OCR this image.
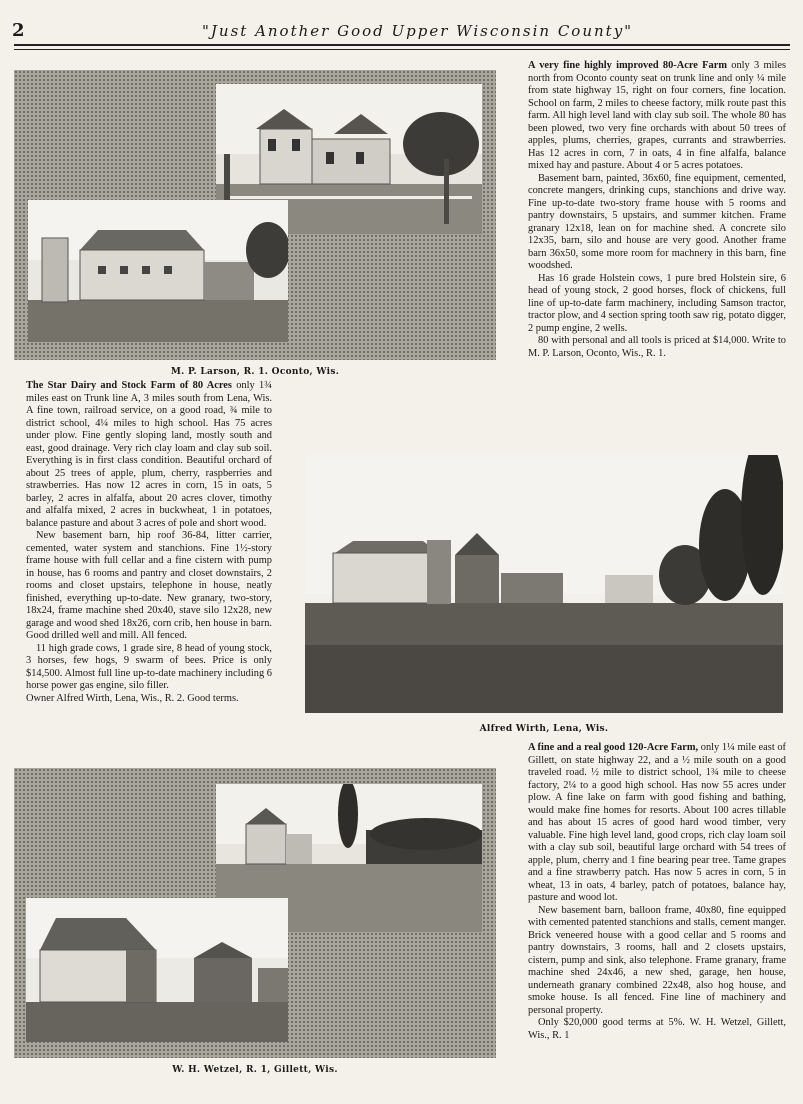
2	"Just Another Good Upper Wisconsin County"
M. P. Larson, R. 1. Oconto, Wis.

A very fine highly improved 80-Acre Farm only 3 miles north from Oconto county seat on trunk line and only ¼ mile from state highway 15, right on four corners, fine location. School on farm, 2 miles to cheese factory, milk route past this farm. All high level land with clay sub soil. The whole 80 has been plowed, two very fine orchards with about 50 trees of apples, plums, cherries, grapes, currants and strawberries. Has 12 acres in corn, 7 in oats, 4 in fine alfalfa, balance mixed hay and pasture. About 4 or 5 acres potatoes.

Basement barn, painted, 36x60, fine equipment, cemented, concrete mangers, drinking cups, stanchions and drive way. Fine up-to-date two-story frame house with 5 rooms and pantry downstairs, 5 upstairs, and summer kitchen. Frame granary 12x18, lean on for machine shed. A concrete silo 12x35, barn, silo and house are very good. Another frame barn 36x50, some more room for machnery in this barn, fine woodshed.

Has 16 grade Holstein cows, 1 pure bred Holstein sire, 6 head of young stock, 2 good horses, flock of chickens, full line of up-to-date farm machinery, including Samson tractor, tractor plow, and 4 section spring tooth saw rig, potato digger, 2 pump engine, 2 wells.

80 with personal and all tools is priced at $14,000. Write to M. P. Larson, Oconto, Wis., R. 1.

The Star Dairy and Stock Farm of 80 Acres only 1¾ miles east on Trunk line A, 3 miles south from Lena, Wis. A fine town, railroad service, on a good road, ¾ mile to district school, 4¼ miles to high school. Has 75 acres under plow. Fine gently sloping land, mostly south and east, good drainage. Very rich clay loam and clay sub soil. Everything is in first class condition. Beautiful orchard of about 25 trees of apple, plum, cherry, raspberries and strawberries. Has now 12 acres in corn, 15 in oats, 5 barley, 2 acres in alfalfa, about 20 acres clover, timothy and alfalfa mixed, 2 acres in buckwheat, 1 in potatoes, balance pasture and about 3 acres of pole and short wood.

New basement barn, hip roof 36-84, litter carrier, cemented, water system and stanchions. Fine 1½-story frame house with full cellar and a fine cistern with pump in house, has 6 rooms and pantry and closet downstairs, 2 rooms and closet upstairs, telephone in house, neatly finished, everything up-to-date. New granary, two-story, 18x24, frame machine shed 20x40, stave silo 12x28, new garage and wood shed 18x26, corn crib, hen house in barn. Good drilled well and mill. All fenced.

11 high grade cows, 1 grade sire, 8 head of young stock, 3 horses, few hogs, 9 swarm of bees. Price is only $14,500. Almost full line up-to-date machinery including 6 horse power gas engine, silo filler.

Owner Alfred Wirth, Lena, Wis., R. 2. Good terms.

Alfred Wirth, Lena, Wis.
W. H. Wetzel, R. 1, Gillett, Wis.

A fine and a real good 120-Acre Farm, only 1¼ mile east of Gillett, on state highway 22, and a ½ mile south on a good traveled road. ½ mile to district school, 1¾ mile to cheese factory, 2¼ to a good high school. Has now 55 acres under plow. A fine lake on farm with good fishing and bathing, would make fine homes for resorts. About 100 acres tillable and has about 15 acres of good hard wood timber, very valuable. Fine high level land, good crops, rich clay loam soil with a clay sub soil, beautiful large orchard with 54 trees of apple, plum, cherry and 1 fine bearing pear tree. Tame grapes and a fine strawberry patch. Has now 5 acres in corn, 5 in wheat, 13 in oats, 4 barley, patch of potatoes, balance hay, pasture and wood lot.

New basement barn, balloon frame, 40x80, fine equipped with cemented patented stanchions and stalls, cement manger. Brick veneered house with a good cellar and 5 rooms and pantry downstairs, 3 rooms, hall and 2 closets upstairs, cistern, pump and sink, also telephone. Frame granary, frame machine shed 24x46, a new shed, garage, hen house, underneath granary combined 22x48, also hog house, and smoke house. Is all fenced. Fine line of machinery and personal property.

Only $20,000 good terms at 5%. W. H. Wetzel, Gillett, Wis., R. 1
